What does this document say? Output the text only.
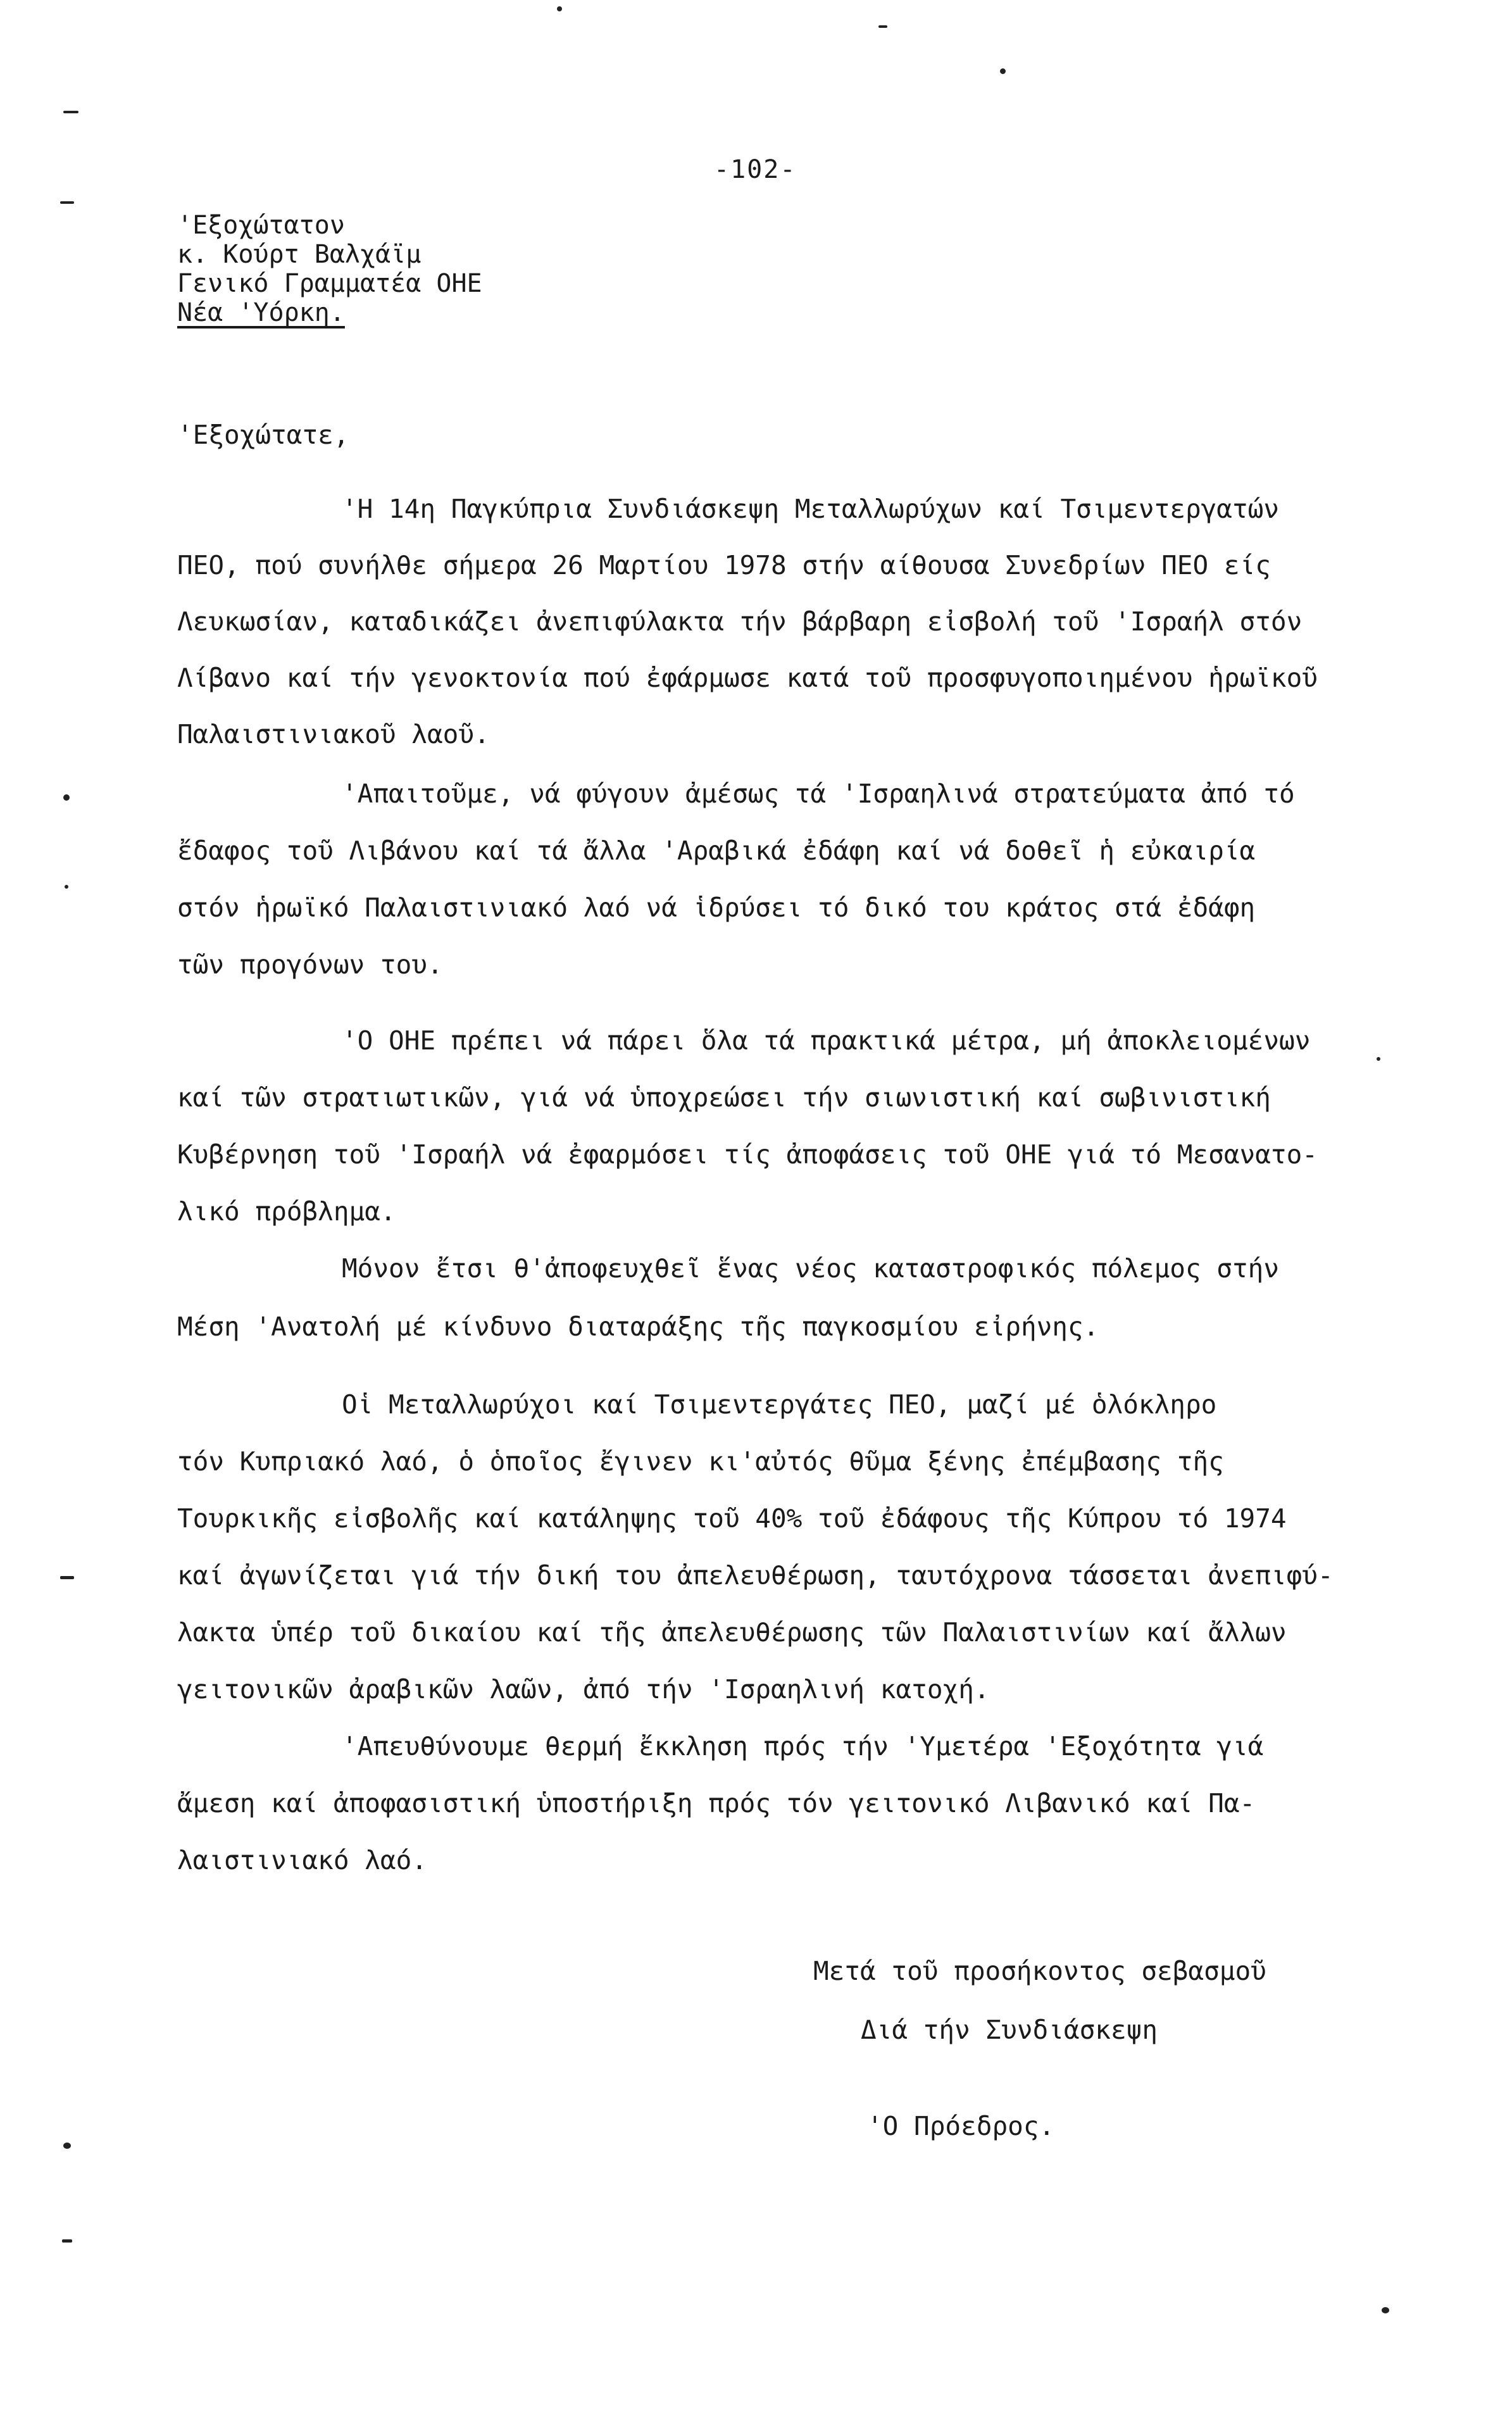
-102-
'Εξοχώτατον
κ. Κούρτ Βαλχάϊμ
Γενικό Γραμματέα ΟΗΕ
Νέα 'Υόρκη.
'Εξοχώτατε,
'Η 14η Παγκύπρια Συνδιάσκεψη Μεταλλωρύχων καί Τσιμεντεργατών
ΠΕΟ, πού συνήλθε σήμερα 26 Μαρτίου 1978 στήν αίθουσα Συνεδρίων ΠΕΟ είς
Λευκωσίαν, καταδικάζει ἀνεπιφύλακτα τήν βάρβαρη εἰσβολή τοῦ 'Ισραήλ στόν
Λίβανο καί τήν γενοκτονία πού ἐφάρμωσε κατά τοῦ προσφυγοποιημένου ἡρωϊκοῦ
Παλαιστινιακοῦ λαοῦ.
'Απαιτοῦμε, νά φύγουν ἀμέσως τά 'Ισραηλινά στρατεύματα ἀπό τό
ἔδαφος τοῦ Λιβάνου καί τά ἄλλα 'Αραβικά ἐδάφη καί νά δοθεῖ ἡ εὐκαιρία
στόν ἡρωϊκό Παλαιστινιακό λαό νά ἱδρύσει τό δικό του κράτος στά ἐδάφη
τῶν προγόνων του.
'Ο ΟΗΕ πρέπει νά πάρει ὅλα τά πρακτικά μέτρα, μή ἀποκλειομένων
καί τῶν στρατιωτικῶν, γιά νά ὑποχρεώσει τήν σιωνιστική καί σωβινιστική
Κυβέρνηση τοῦ 'Ισραήλ νά ἐφαρμόσει τίς ἀποφάσεις τοῦ ΟΗΕ γιά τό Μεσανατο-
λικό πρόβλημα.
Μόνον ἔτσι θ'ἀποφευχθεῖ ἕνας νέος καταστροφικός πόλεμος στήν
Μέση 'Ανατολή μέ κίνδυνο διαταράξης τῆς παγκοσμίου εἰρήνης.
Οἱ Μεταλλωρύχοι καί Τσιμεντεργάτες ΠΕΟ, μαζί μέ ὁλόκληρο
τόν Κυπριακό λαό, ὁ ὁποῖος ἔγινεν κι'αὐτός θῦμα ξένης ἐπέμβασης τῆς
Τουρκικῆς εἰσβολῆς καί κατάληψης τοῦ 40% τοῦ ἐδάφους τῆς Κύπρου τό 1974
καί ἀγωνίζεται γιά τήν δική του ἀπελευθέρωση, ταυτόχρονα τάσσεται ἀνεπιφύ-
λακτα ὑπέρ τοῦ δικαίου καί τῆς ἀπελευθέρωσης τῶν Παλαιστινίων καί ἄλλων
γειτονικῶν ἀραβικῶν λαῶν, ἀπό τήν 'Ισραηλινή κατοχή.
'Απευθύνουμε θερμή ἔκκληση πρός τήν 'Υμετέρα 'Εξοχότητα γιά
ἄμεση καί ἀποφασιστική ὑποστήριξη πρός τόν γειτονικό Λιβανικό καί Πα-
λαιστινιακό λαό.
Μετά τοῦ προσήκοντος σεβασμοῦ
Διά τήν Συνδιάσκεψη
'Ο Πρόεδρος.
